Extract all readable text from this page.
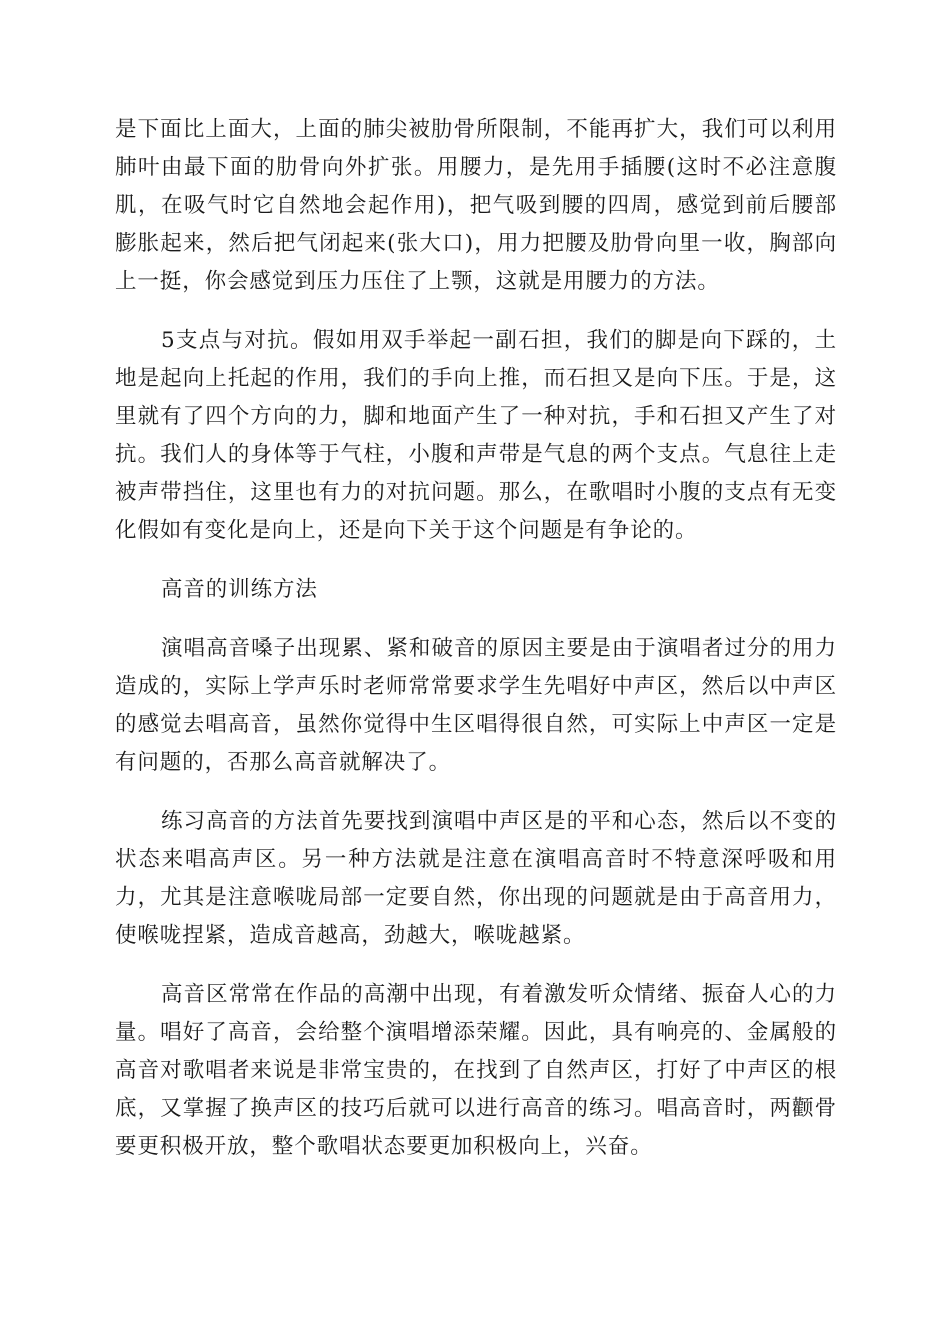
是下面比上面大，上面的肺尖被肋骨所限制，不能再扩大，我们可以利用肺叶由最下面的肋骨向外扩张。用腰力，是先用手插腰(这时不必注意腹肌，在吸气时它自然地会起作用)，把气吸到腰的四周，感觉到前后腰部膨胀起来，然后把气闭起来(张大口)，用力把腰及肋骨向里一收，胸部向上一挺，你会感觉到压力压住了上颚，这就是用腰力的方法。

5支点与对抗。假如用双手举起一副石担，我们的脚是向下踩的，土地是起向上托起的作用，我们的手向上推，而石担又是向下压。于是，这里就有了四个方向的力，脚和地面产生了一种对抗，手和石担又产生了对抗。我们人的身体等于气柱，小腹和声带是气息的两个支点。气息往上走被声带挡住，这里也有力的对抗问题。那么，在歌唱时小腹的支点有无变化假如有变化是向上，还是向下关于这个问题是有争论的。

高音的训练方法

演唱高音嗓子出现累、紧和破音的原因主要是由于演唱者过分的用力造成的，实际上学声乐时老师常常要求学生先唱好中声区，然后以中声区的感觉去唱高音，虽然你觉得中生区唱得很自然，可实际上中声区一定是有问题的，否那么高音就解决了。

练习高音的方法首先要找到演唱中声区是的平和心态，然后以不变的状态来唱高声区。另一种方法就是注意在演唱高音时不特意深呼吸和用力，尤其是注意喉咙局部一定要自然，你出现的问题就是由于高音用力，使喉咙捏紧，造成音越高，劲越大，喉咙越紧。

高音区常常在作品的高潮中出现，有着激发听众情绪、振奋人心的力量。唱好了高音，会给整个演唱增添荣耀。因此，具有响亮的、金属般的高音对歌唱者来说是非常宝贵的，在找到了自然声区，打好了中声区的根底，又掌握了换声区的技巧后就可以进行高音的练习。唱高音时，两颧骨要更积极开放，整个歌唱状态要更加积极向上，兴奋。
